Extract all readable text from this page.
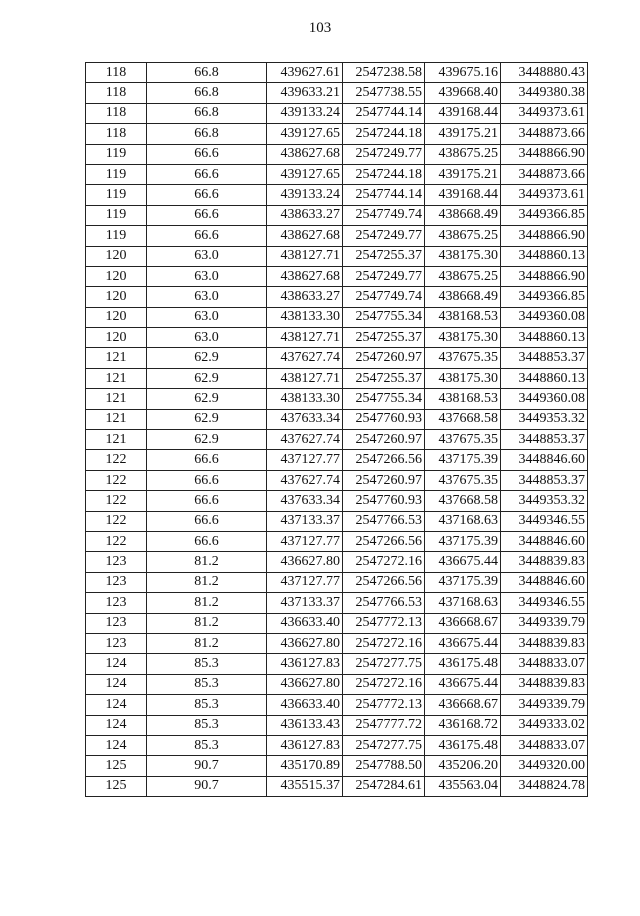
103
118	66.8	439627.61	2547238.58	439675.16	3448880.43
118	66.8	439633.21	2547738.55	439668.40	3449380.38
118	66.8	439133.24	2547744.14	439168.44	3449373.61
118	66.8	439127.65	2547244.18	439175.21	3448873.66
119	66.6	438627.68	2547249.77	438675.25	3448866.90
119	66.6	439127.65	2547244.18	439175.21	3448873.66
119	66.6	439133.24	2547744.14	439168.44	3449373.61
119	66.6	438633.27	2547749.74	438668.49	3449366.85
119	66.6	438627.68	2547249.77	438675.25	3448866.90
120	63.0	438127.71	2547255.37	438175.30	3448860.13
120	63.0	438627.68	2547249.77	438675.25	3448866.90
120	63.0	438633.27	2547749.74	438668.49	3449366.85
120	63.0	438133.30	2547755.34	438168.53	3449360.08
120	63.0	438127.71	2547255.37	438175.30	3448860.13
121	62.9	437627.74	2547260.97	437675.35	3448853.37
121	62.9	438127.71	2547255.37	438175.30	3448860.13
121	62.9	438133.30	2547755.34	438168.53	3449360.08
121	62.9	437633.34	2547760.93	437668.58	3449353.32
121	62.9	437627.74	2547260.97	437675.35	3448853.37
122	66.6	437127.77	2547266.56	437175.39	3448846.60
122	66.6	437627.74	2547260.97	437675.35	3448853.37
122	66.6	437633.34	2547760.93	437668.58	3449353.32
122	66.6	437133.37	2547766.53	437168.63	3449346.55
122	66.6	437127.77	2547266.56	437175.39	3448846.60
123	81.2	436627.80	2547272.16	436675.44	3448839.83
123	81.2	437127.77	2547266.56	437175.39	3448846.60
123	81.2	437133.37	2547766.53	437168.63	3449346.55
123	81.2	436633.40	2547772.13	436668.67	3449339.79
123	81.2	436627.80	2547272.16	436675.44	3448839.83
124	85.3	436127.83	2547277.75	436175.48	3448833.07
124	85.3	436627.80	2547272.16	436675.44	3448839.83
124	85.3	436633.40	2547772.13	436668.67	3449339.79
124	85.3	436133.43	2547777.72	436168.72	3449333.02
124	85.3	436127.83	2547277.75	436175.48	3448833.07
125	90.7	435170.89	2547788.50	435206.20	3449320.00
125	90.7	435515.37	2547284.61	435563.04	3448824.78
